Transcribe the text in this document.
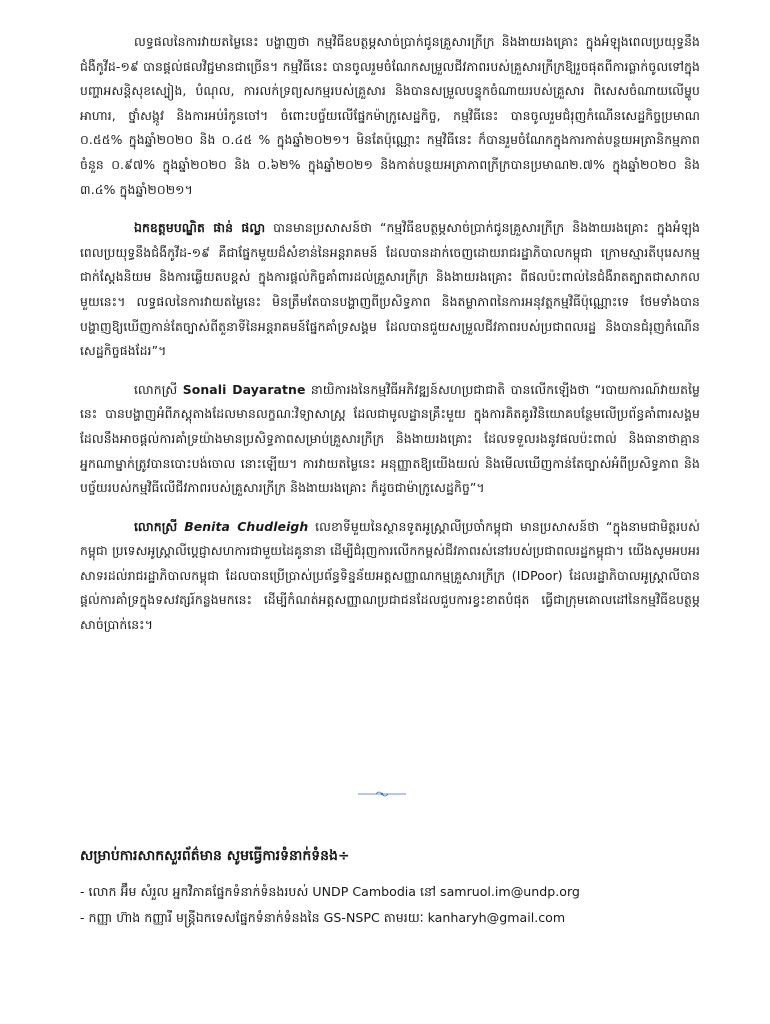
លទ្ធផលនៃការវាយតម្លៃនេះ បង្ហាញថា កម្មវិធីឧបត្ថម្ភសាច់ប្រាក់ជូនគ្រួសារក្រីក្រ និងងាយរងគ្រោះ ក្នុងអំឡុងពេលប្រយុទ្ធនឹងជំងឺកូវីដ-១៩ បានផ្តល់ផលវិជ្ជមានជាច្រើន។ កម្មវិធីនេះ បានចូលរួមចំណែកសម្រួលជីវភាពរបស់គ្រួសារក្រីក្រឱ្យរួចផុតពីការធ្លាក់ចូលទៅក្នុងបញ្ហាអសន្តិសុខស្បៀង, បំណុល, ការលក់ទ្រព្យសកម្មរបស់គ្រួសារ និងបានសម្រួលបន្ទុកចំណាយរបស់គ្រួសារ ពិសេសចំណាយលើម្ហូបអាហារ, ថ្នាំសង្កូវ និងការអប់រំកូនចៅ។ ចំពោះបច្ច័យលើផ្នែកម៉ាក្រូសេដ្ឋកិច្ច, កម្មវិធីនេះ បានចូលរួមជំរុញកំណើនសេដ្ឋកិច្ចប្រមាណ ០.៥៥% ក្នុងឆ្នាំ២០២០ និង ០.៤៥ % ក្នុងឆ្នាំ២០២១។ មិនតែប៉ុណ្ណោះ កម្មវិធីនេះ ក៏បានរួមចំណែកក្នុងការកាត់បន្ថយអត្រានិកម្មភាពចំនួន ០.៩៧% ក្នុងឆ្នាំ២០២០ និង ០.៦២% ក្នុងឆ្នាំ២០២១ និងកាត់បន្ថយអត្រាភាពក្រីក្របានប្រមាណ២.៧% ក្នុងឆ្នាំ២០២០ និង ៣.៤% ក្នុងឆ្នាំ២០២១។

ឯកឧត្តមបណ្ឌិត ផាន់ ផល្លា បានមានប្រសាសន៍ថា “កម្មវិធីឧបត្ថម្ភសាច់ប្រាក់ជូនគ្រួសារក្រីក្រ និងងាយរងគ្រោះ ក្នុងអំឡុងពេលប្រយុទ្ធនឹងជំងឺកូវីដ-១៩ គឺជាផ្នែកមួយដ៏សំខាន់នៃអន្តរាគមន៍ ដែលបានដាក់ចេញដោយរាជរដ្ឋាភិបាលកម្ពុជា ក្រោមស្មារតីបុរេសកម្ម ជាក់ស្តែងនិយម និងការឆ្លើយតបខ្ពស់ ក្នុងការផ្តល់កិច្ចគាំពារដល់គ្រួសារក្រីក្រ និងងាយរងគ្រោះ ពីផលប៉ះពាល់នៃជំងឺរាតត្បាតជាសាកលមួយនេះ។ លទ្ធផលនៃការវាយតម្លៃនេះ មិនត្រឹមតែបានបង្ហាញពីប្រសិទ្ធភាព និងតម្លាភាពនៃការអនុវត្តកម្មវិធីប៉ុណ្ណោះទេ ថែមទាំងបានបង្ហាញឱ្យឃើញកាន់តែច្បាស់ពីតួនាទីនៃអន្តរាគមន៍ផ្នែកគាំទ្រសង្គម ដែលបានជួយសម្រួលជីវភាពរបស់ប្រជាពលរដ្ឋ និងបានជំរុញកំណើនសេដ្ឋកិច្ចផងដែរ”។

លោកស្រី Sonali Dayaratne នាយិការងនៃកម្មវិធីអភិវឌ្ឍន៍សហប្រជាជាតិ បានលើកឡើងថា “របាយការណ៍វាយតម្លៃនេះ បានបង្ហាញអំពីភស្តុតាងដែលមានលក្ខណៈវិទ្យាសាស្ត្រ ដែលជាមូលដ្ឋានគ្រឹះមួយ ក្នុងការគិតគូរវិនិយោគបន្ថែមលើប្រព័ន្ធគាំពារសង្គម ដែលនឹងអាចផ្តល់ការគាំទ្រយ៉ាងមានប្រសិទ្ធភាពសម្រាប់គ្រួសារក្រីក្រ និងងាយរងគ្រោះ ដែលទទួលរងនូវផលប៉ះពាល់ និងធានាថាគ្មានអ្នកណាម្នាក់ត្រូវបានបោះបង់ចោល នោះឡើយ។ ការវាយតម្លៃនេះ អនុញ្ញាតឱ្យយើងយល់ និងមើលឃើញកាន់តែច្បាស់អំពីប្រសិទ្ធភាព និងបច្ច័យរបស់កម្មវិធីលើជីវភាពរបស់គ្រួសារក្រីក្រ និងងាយរងគ្រោះ ក៏ដូចជាម៉ាក្រូសេដ្ឋកិច្ច”។

លោកស្រី Benita Chudleigh លេខាទីមួយនៃស្ថានទូតអូស្ត្រាលីប្រចាំកម្ពុជា មានប្រសាសន៍ថា “ក្នុងនាមជាមិត្តរបស់កម្ពុជា ប្រទេសអូស្ត្រាលីប្តេជ្ញាសហការជាមួយដៃគូនានា ដើម្បីជំរុញការលើកកម្ពស់ជីវភាពរស់នៅរបស់ប្រជាពលរដ្ឋកម្ពុជា។ យើងសូមអបអរសាទរដល់រាជរដ្ឋាភិបាលកម្ពុជា ដែលបានប្រើប្រាស់ប្រព័ន្ធទិន្នន័យអត្តសញ្ញាណកម្មគ្រួសារក្រីក្រ (IDPoor) ដែលរដ្ឋាភិបាលអូស្ត្រាលីបានផ្តល់ការគាំទ្រក្នុងទសវត្សរ៍កន្លងមកនេះ ដើម្បីកំណត់អត្តសញ្ញាណប្រជាជនដែលជួបការខ្វះខាតបំផុត ធ្វើជាក្រុមគោលដៅនៃកម្មវិធីឧបត្ថម្ភសាច់ប្រាក់នេះ។

សម្រាប់ការសាកសួរព័ត៌មាន សូមធ្វើការទំនាក់ទំនង÷

- លោក អ៊ឹម សំរួល អ្នកវិភាគផ្នែកទំនាក់ទំនងរបស់ UNDP Cambodia នៅ samruol.im@undp.org

- កញ្ញា ហ៊ាង កញ្ញារី មន្ត្រីឯកទេសផ្នែកទំនាក់ទំនងនៃ GS-NSPC តាមរយៈ kanharyh@gmail.com
